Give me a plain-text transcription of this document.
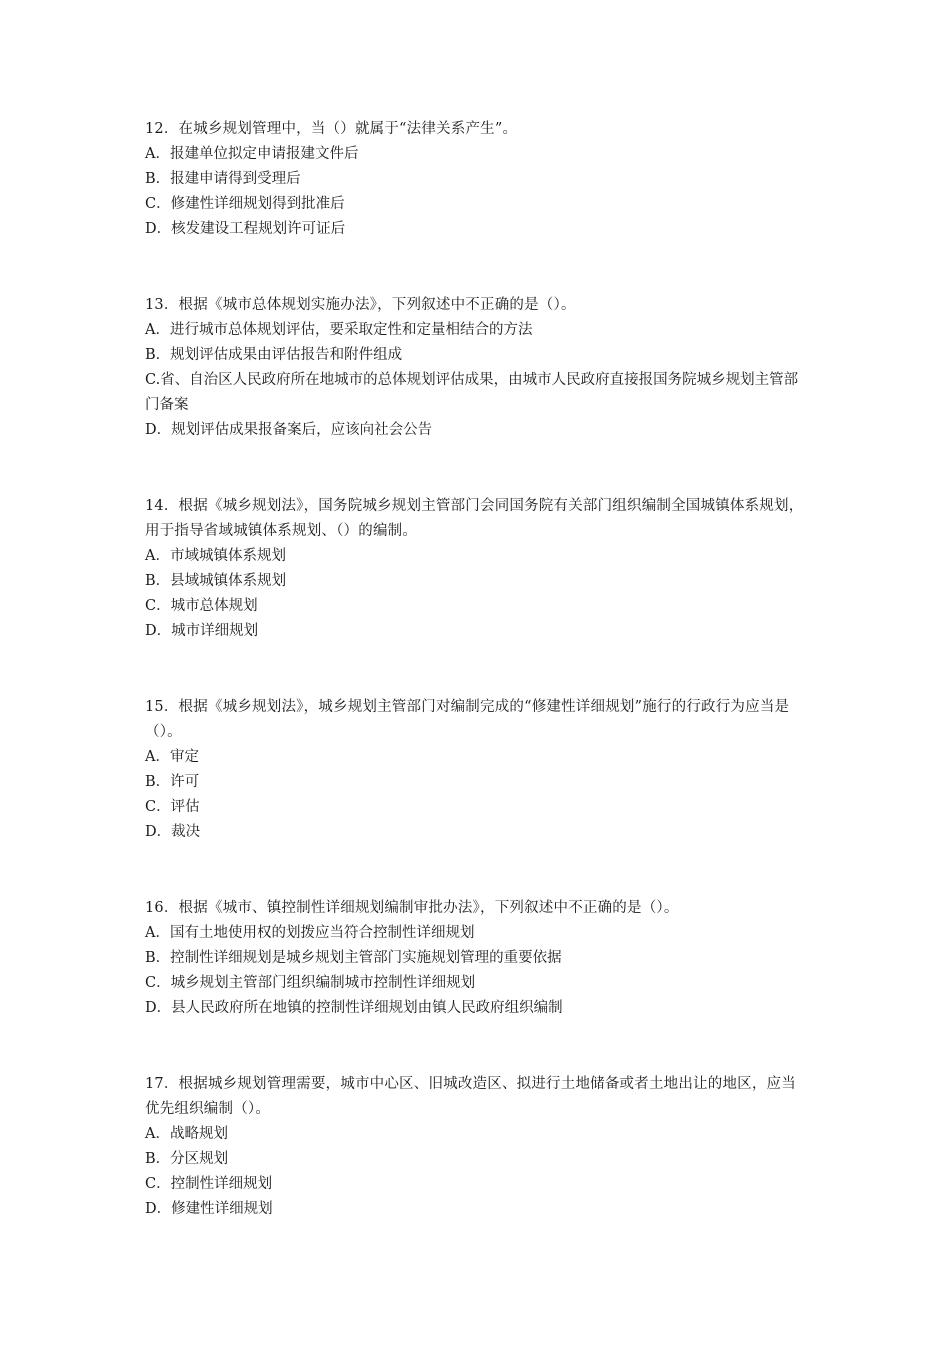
12．在城乡规划管理中，当（）就属于“法律关系产生”。
A．报建单位拟定申请报建文件后
B．报建申请得到受理后
C．修建性详细规划得到批准后
D．核发建设工程规划许可证后
13．根据《城市总体规划实施办法》，下列叙述中不正确的是（）。
A．进行城市总体规划评估，要采取定性和定量相结合的方法
B．规划评估成果由评估报告和附件组成
C.省、自治区人民政府所在地城市的总体规划评估成果，由城市人民政府直接报国务院城乡规划主管部门备案
D．规划评估成果报备案后，应该向社会公告
14．根据《城乡规划法》，国务院城乡规划主管部门会同国务院有关部门组织编制全国城镇体系规划，用于指导省域城镇体系规划、（）的编制。
A．市域城镇体系规划
B．县域城镇体系规划
C．城市总体规划
D．城市详细规划
15．根据《城乡规划法》，城乡规划主管部门对编制完成的“修建性详细规划”施行的行政行为应当是（）。
A．审定
B．许可
C．评估
D．裁决
16．根据《城市、镇控制性详细规划编制审批办法》，下列叙述中不正确的是（）。
A．国有土地使用权的划拨应当符合控制性详细规划
B．控制性详细规划是城乡规划主管部门实施规划管理的重要依据
C．城乡规划主管部门组织编制城市控制性详细规划
D．县人民政府所在地镇的控制性详细规划由镇人民政府组织编制
17．根据城乡规划管理需要，城市中心区、旧城改造区、拟进行土地储备或者土地出让的地区，应当优先组织编制（）。
A．战略规划
B．分区规划
C．控制性详细规划
D．修建性详细规划
